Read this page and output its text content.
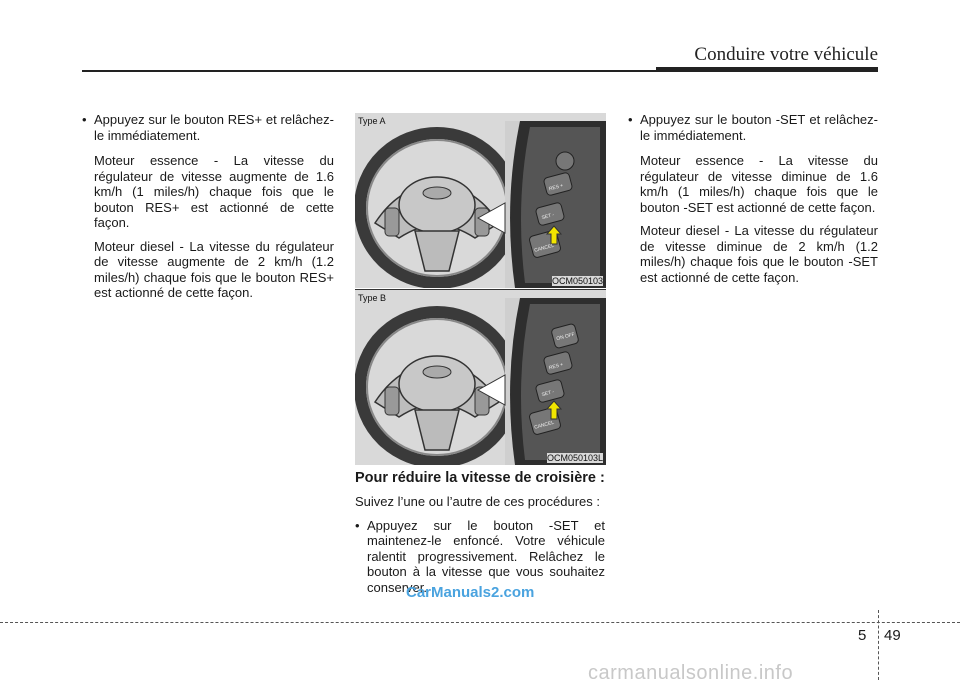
Conduire votre véhicule
• Appuyez sur le bouton RES+ et relâchez-le immédiatement.

Moteur essence - La vitesse du régulateur de vitesse augmente de 1.6 km/h (1 miles/h) chaque fois que le bouton RES+ est actionné de cette façon.

Moteur diesel - La vitesse du régulateur de vitesse augmente de 2 km/h (1.2 miles/h) chaque fois que le bouton RES+ est actionné de cette façon.

Type A
RES +
SET -
CANCEL
OCM050103
Type B
ON OFF
RES +
SET -
CANCEL
OCM050103L
Pour réduire la vitesse de croisière :

Suivez l’une ou l’autre de ces procédures :

• Appuyez sur le bouton -SET et maintenez-le enfoncé. Votre véhicule ralentit progressivement. Relâchez le bouton à la vitesse que vous souhaitez conserver.
• Appuyez sur le bouton -SET et relâchez-le immédiatement.

Moteur essence - La vitesse du régulateur de vitesse diminue de 1.6 km/h (1 miles/h) chaque fois que le bouton -SET est actionné de cette façon.

Moteur diesel - La vitesse du régulateur de vitesse diminue de 2 km/h (1.2 miles/h) chaque fois que le bouton -SET est actionné de cette façon.

CarManuals2.com
5 49
carmanualsonline.info
